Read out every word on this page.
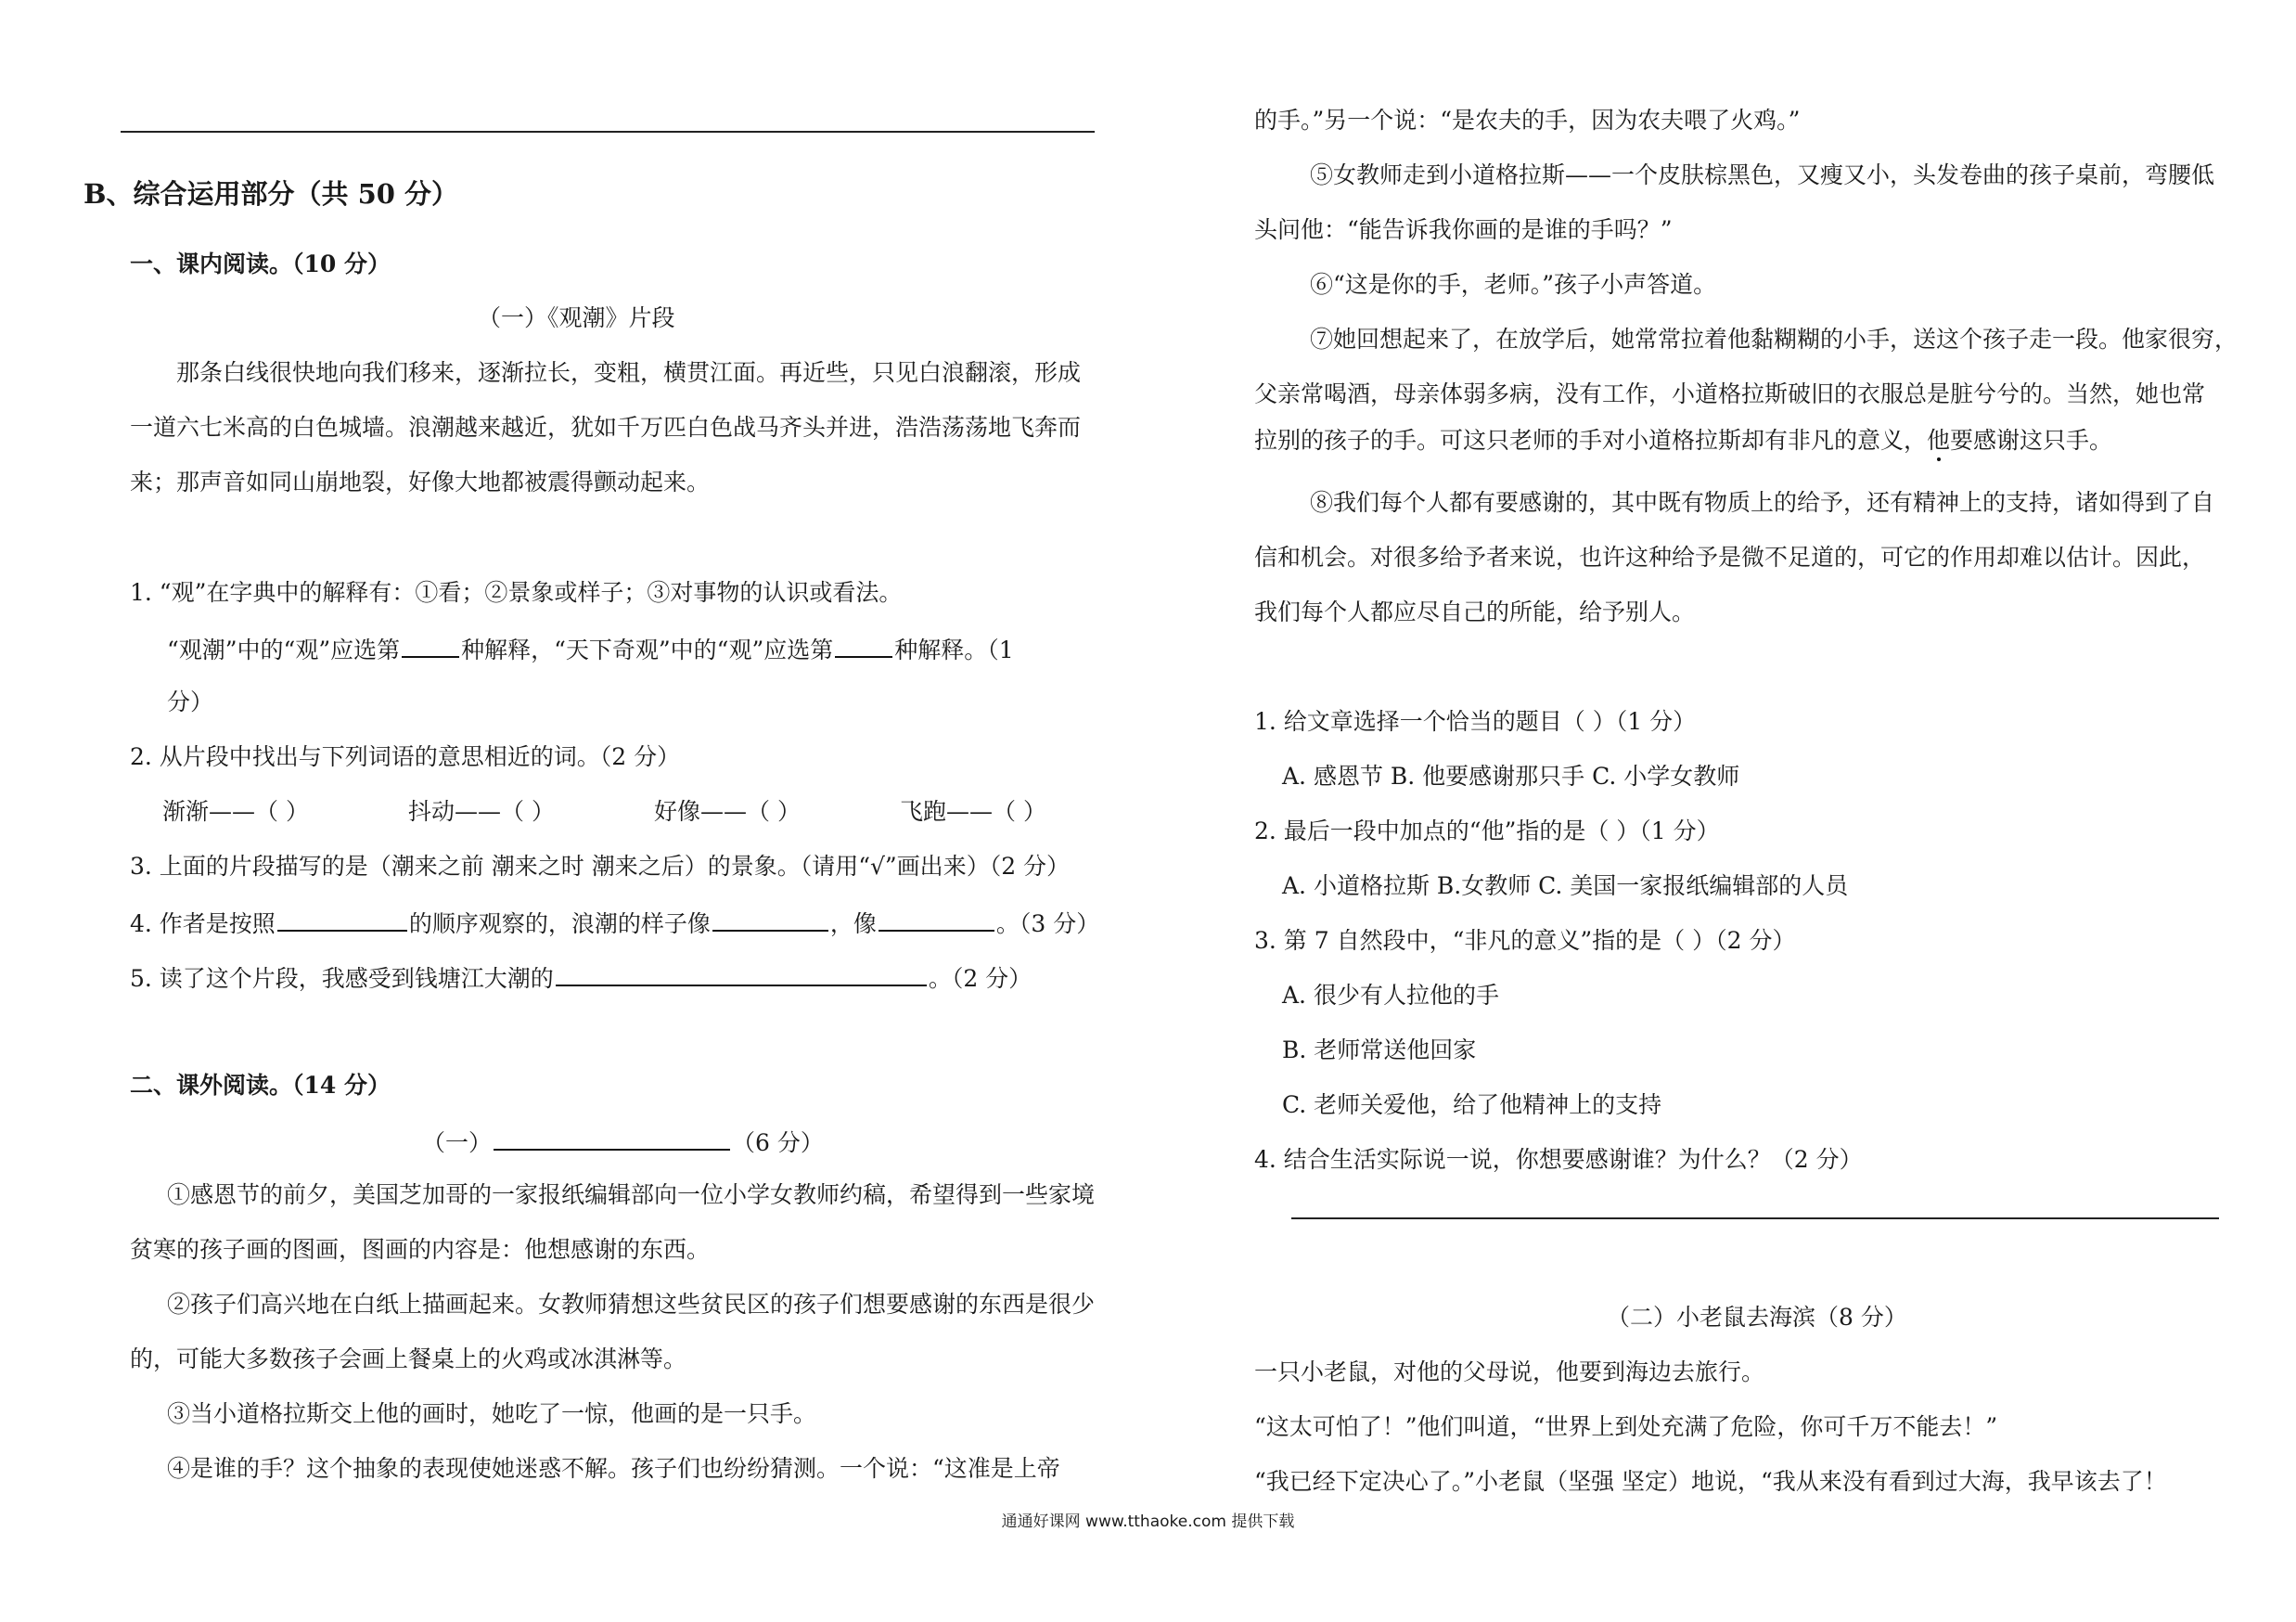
B、综合运用部分（共 50 分）
一、课内阅读。（10 分）
（一）《观潮》片段
那条白线很快地向我们移来，逐渐拉长，变粗，横贯江面。再近些，只见白浪翻滚，形成
一道六七米高的白色城墙。浪潮越来越近，犹如千万匹白色战马齐头并进，浩浩荡荡地飞奔而
来；那声音如同山崩地裂，好像大地都被震得颤动起来。
1. “观”在字典中的解释有：①看；②景象或样子；③对事物的认识或看法。
“观潮”中的“观”应选第	种解释，“天下奇观”中的“观”应选第	种解释。（1
分）
2. 从片段中找出与下列词语的意思相近的词。（2 分）
渐渐——（ ）	抖动——（ ）	好像——（ ）	飞跑——（ ）
3. 上面的片段描写的是（潮来之前 潮来之时 潮来之后）的景象。（请用“√”画出来）（2 分）
4. 作者是按照	的顺序观察的，浪潮的样子像	，像	。（3 分）
5. 读了这个片段，我感受到钱塘江大潮的	。（2 分）
二、课外阅读。（14 分）
（一）	（6 分）
①感恩节的前夕，美国芝加哥的一家报纸编辑部向一位小学女教师约稿，希望得到一些家境
贫寒的孩子画的图画，图画的内容是：他想感谢的东西。
②孩子们高兴地在白纸上描画起来。女教师猜想这些贫民区的孩子们想要感谢的东西是很少
的，可能大多数孩子会画上餐桌上的火鸡或冰淇淋等。
③当小道格拉斯交上他的画时，她吃了一惊，他画的是一只手。
④是谁的手？这个抽象的表现使她迷惑不解。孩子们也纷纷猜测。一个说：“这准是上帝
的手。”另一个说：“是农夫的手，因为农夫喂了火鸡。”
⑤女教师走到小道格拉斯——一个皮肤棕黑色，又瘦又小，头发卷曲的孩子桌前，弯腰低
头问他：“能告诉我你画的是谁的手吗？”
⑥“这是你的手，老师。”孩子小声答道。
⑦她回想起来了，在放学后，她常常拉着他黏糊糊的小手，送这个孩子走一段。他家很穷，
父亲常喝酒，母亲体弱多病，没有工作，小道格拉斯破旧的衣服总是脏兮兮的。当然，她也常
拉别的孩子的手。可这只老师的手对小道格拉斯却有非凡的意义，他要感谢这只手。
⑧我们每个人都有要感谢的，其中既有物质上的给予，还有精神上的支持，诸如得到了自
信和机会。对很多给予者来说，也许这种给予是微不足道的，可它的作用却难以估计。因此，
我们每个人都应尽自己的所能，给予别人。
1. 给文章选择一个恰当的题目（ ）（1 分）
A. 感恩节 B. 他要感谢那只手 C. 小学女教师
2. 最后一段中加点的“他”指的是（ ）（1 分）
A. 小道格拉斯 B.女教师 C. 美国一家报纸编辑部的人员
3. 第 7 自然段中，“非凡的意义”指的是（ ）（2 分）
A. 很少有人拉他的手
B. 老师常送他回家
C. 老师关爱他，给了他精神上的支持
4. 结合生活实际说一说，你想要感谢谁？为什么？（2 分）
（二）小老鼠去海滨（8 分）
一只小老鼠，对他的父母说，他要到海边去旅行。
“这太可怕了！”他们叫道，“世界上到处充满了危险，你可千万不能去！”
“我已经下定决心了。”小老鼠（坚强 坚定）地说，“我从来没有看到过大海，我早该去了！
通通好课网 www.tthaoke.com 提供下载
